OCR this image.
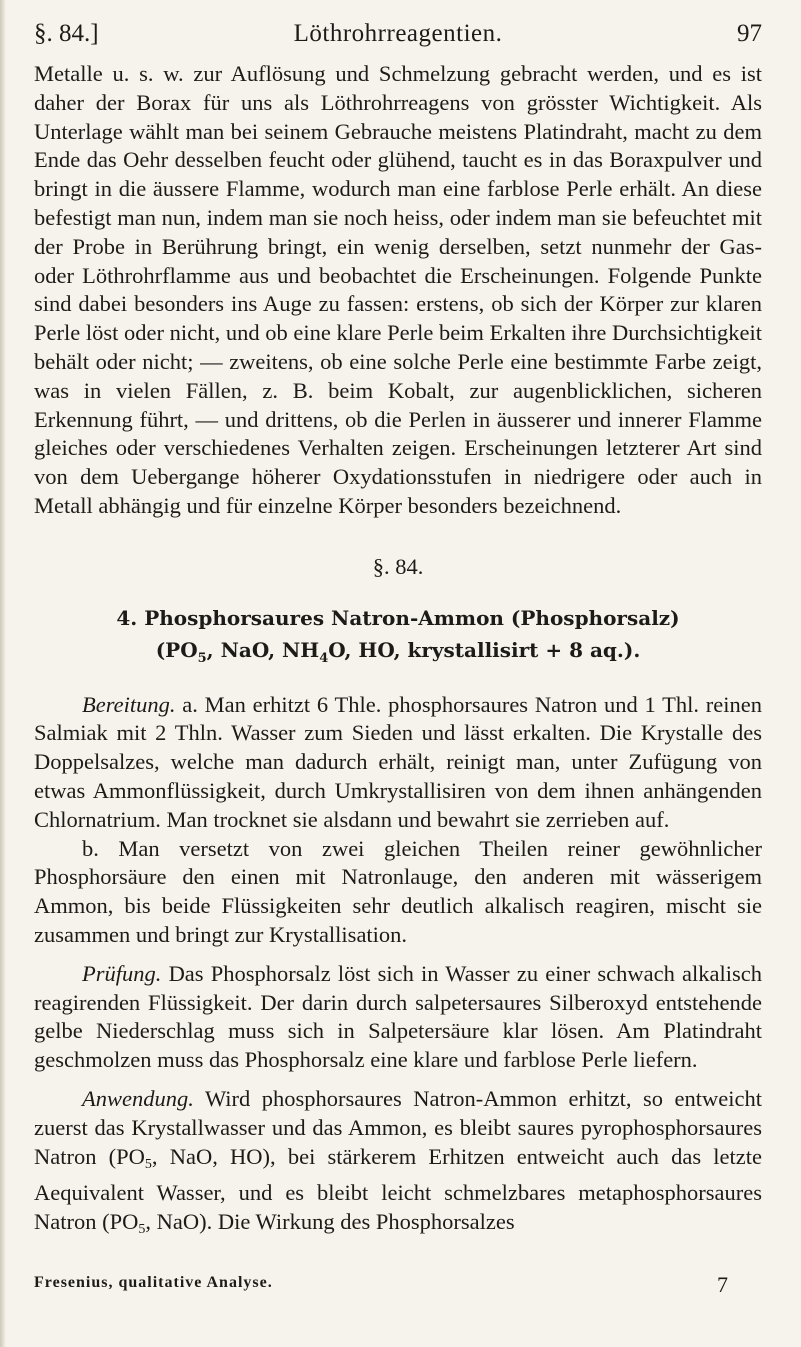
§. 84.]	Löthrohrreagentien.	97

Metalle u. s. w. zur Auflösung und Schmelzung gebracht werden, und es ist daher der Borax für uns als Löthrohrreagens von grösster Wichtigkeit. Als Unterlage wählt man bei seinem Gebrauche meistens Platindraht, macht zu dem Ende das Oehr desselben feucht oder glühend, taucht es in das Boraxpulver und bringt in die äussere Flamme, wodurch man eine farblose Perle erhält. An diese befestigt man nun, indem man sie noch heiss, oder indem man sie befeuchtet mit der Probe in Berührung bringt, ein wenig derselben, setzt nunmehr der Gas- oder Löthrohrflamme aus und beobachtet die Erscheinungen. Folgende Punkte sind dabei besonders ins Auge zu fassen: erstens, ob sich der Körper zur klaren Perle löst oder nicht, und ob eine klare Perle beim Erkalten ihre Durchsichtigkeit behält oder nicht; — zweitens, ob eine solche Perle eine bestimmte Farbe zeigt, was in vielen Fällen, z. B. beim Kobalt, zur augenblicklichen, sicheren Erkennung führt, — und drittens, ob die Perlen in äusserer und innerer Flamme gleiches oder verschiedenes Verhalten zeigen. Erscheinungen letzterer Art sind von dem Uebergange höherer Oxydationsstufen in niedrigere oder auch in Metall abhängig und für einzelne Körper besonders bezeichnend.

§. 84.
4. Phosphorsaures Natron-Ammon (Phosphorsalz)
($PO_5$, NaO, $NH_4O$, HO, krystallisirt + 8 aq.).

Bereitung. a. Man erhitzt 6 Thle. phosphorsaures Natron und 1 Thl. reinen Salmiak mit 2 Thln. Wasser zum Sieden und lässt erkalten. Die Krystalle des Doppelsalzes, welche man dadurch erhält, reinigt man, unter Zufügung von etwas Ammonflüssigkeit, durch Umkrystallisiren von dem ihnen anhängenden Chlornatrium. Man trocknet sie alsdann und bewahrt sie zerrieben auf.

b. Man versetzt von zwei gleichen Theilen reiner gewöhnlicher Phosphorsäure den einen mit Natronlauge, den anderen mit wässerigem Ammon, bis beide Flüssigkeiten sehr deutlich alkalisch reagiren, mischt sie zusammen und bringt zur Krystallisation.

Prüfung. Das Phosphorsalz löst sich in Wasser zu einer schwach alkalisch reagirenden Flüssigkeit. Der darin durch salpetersaures Silberoxyd entstehende gelbe Niederschlag muss sich in Salpetersäure klar lösen. Am Platindraht geschmolzen muss das Phosphorsalz eine klare und farblose Perle liefern.

Anwendung. Wird phosphorsaures Natron-Ammon erhitzt, so entweicht zuerst das Krystallwasser und das Ammon, es bleibt saures pyrophosphorsaures Natron ($PO_5$, NaO, HO), bei stärkerem Erhitzen entweicht auch das letzte Aequivalent Wasser, und es bleibt leicht schmelzbares metaphosphorsaures Natron ($PO_5$, NaO). Die Wirkung des Phosphorsalzes

Fresenius, qualitative Analyse.	7
